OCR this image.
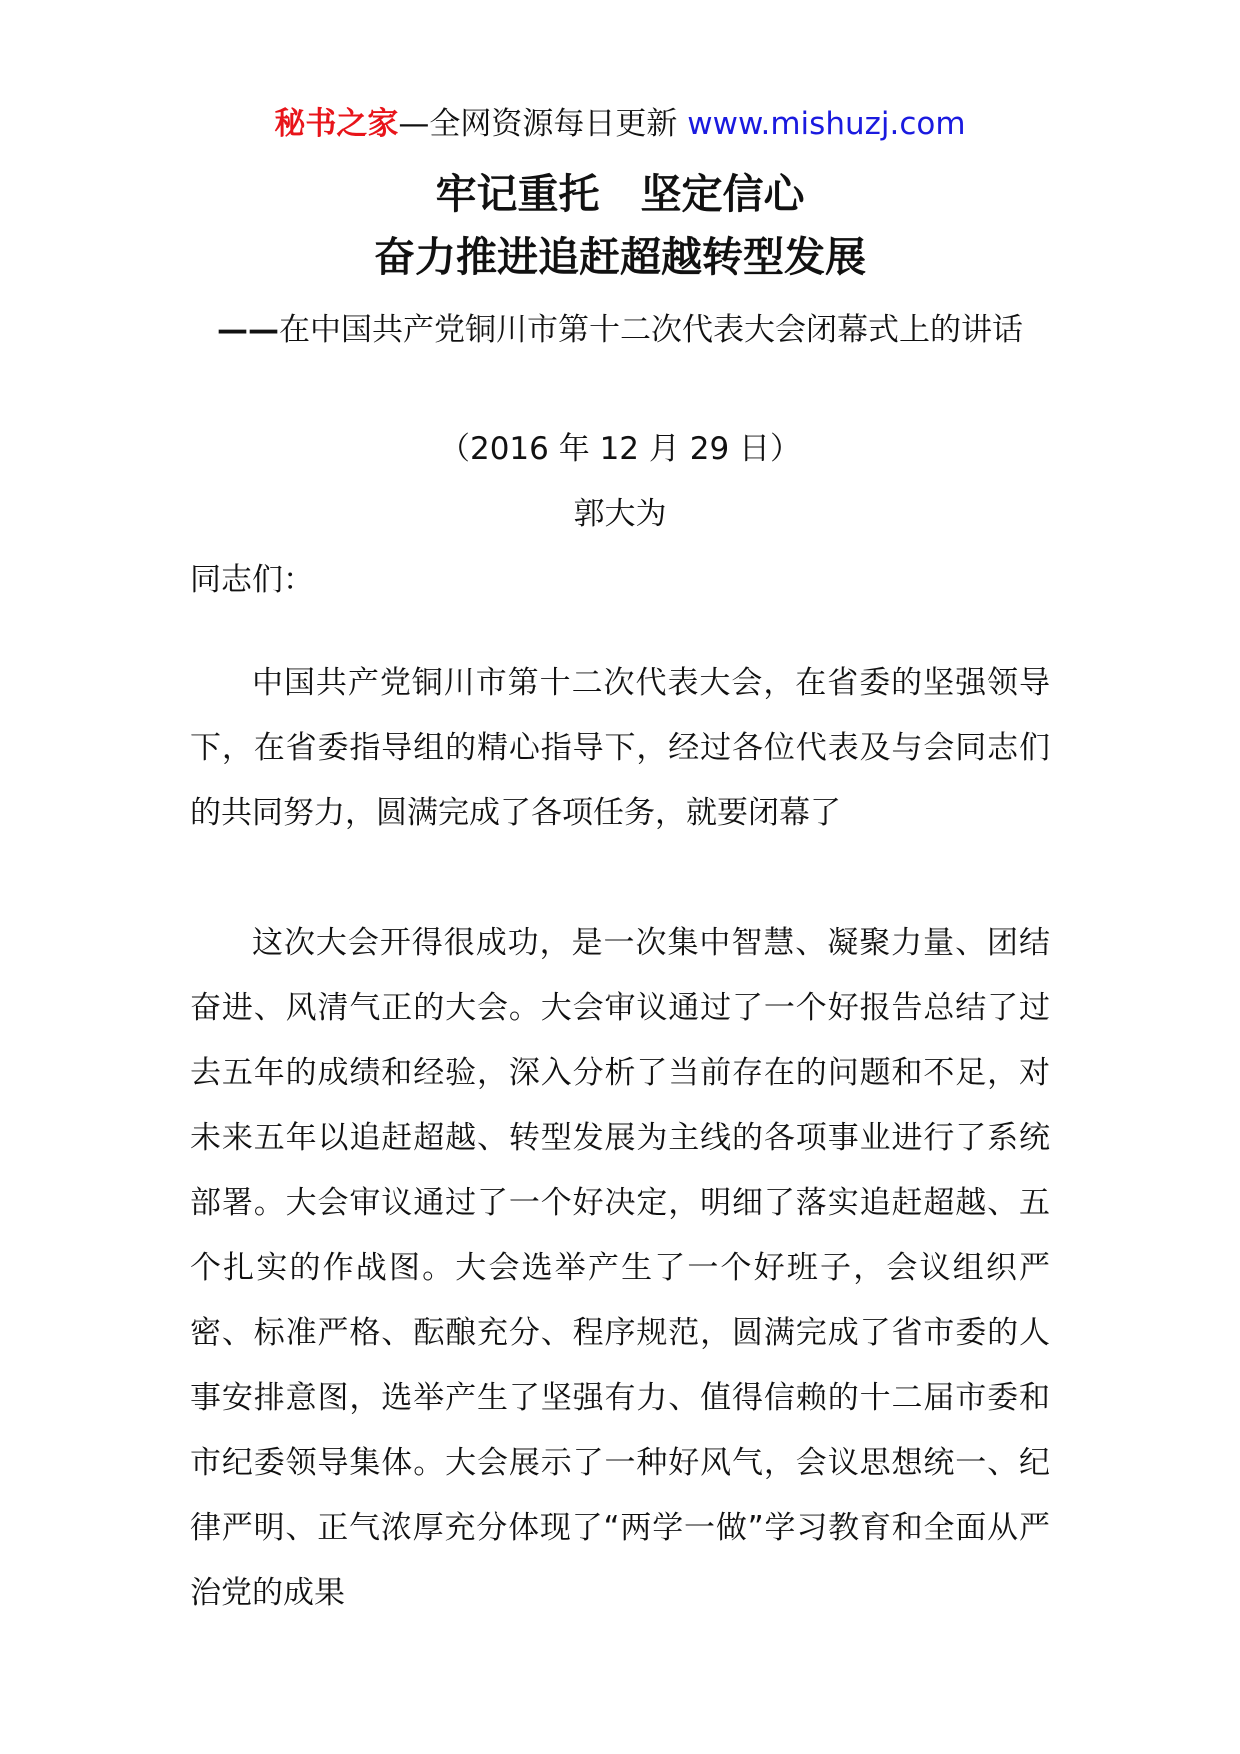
秘书之家—全网资源每日更新 www.mishuzj.com
牢记重托　坚定信心
奋力推进追赶超越转型发展
——在中国共产党铜川市第十二次代表大会闭幕式上的讲话
（2016 年 12 月 29 日）
郭大为
同志们：

中国共产党铜川市第十二次代表大会，在省委的坚强领导下，在省委指导组的精心指导下，经过各位代表及与会同志们的共同努力，圆满完成了各项任务，就要闭幕了

这次大会开得很成功，是一次集中智慧、凝聚力量、团结奋进、风清气正的大会。大会审议通过了一个好报告总结了过去五年的成绩和经验，深入分析了当前存在的问题和不足，对未来五年以追赶超越、转型发展为主线的各项事业进行了系统部署。大会审议通过了一个好决定，明细了落实追赶超越、五个扎实的作战图。大会选举产生了一个好班子，会议组织严密、标准严格、酝酿充分、程序规范，圆满完成了省市委的人事安排意图，选举产生了坚强有力、值得信赖的十二届市委和市纪委领导集体。大会展示了一种好风气，会议思想统一、纪律严明、正气浓厚充分体现了“两学一做”学习教育和全面从严治党的成果
